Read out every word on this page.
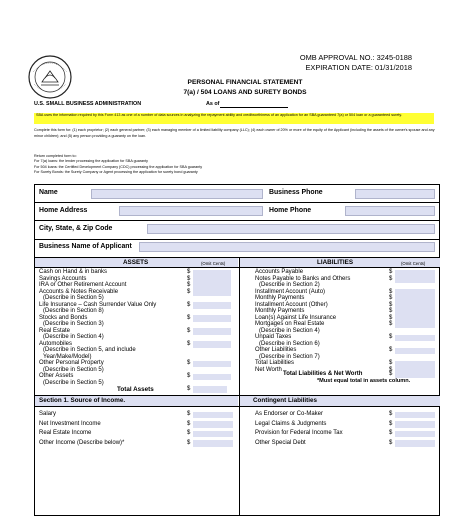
OMB APPROVAL NO.: 3245-0188
EXPIRATION DATE: 01/31/2018
PERSONAL FINANCIAL STATEMENT
7(a) / 504 LOANS AND SURETY BONDS
U.S. SMALL BUSINESS ADMINISTRATION	As of
SBA uses the information required by this Form 413 as one of a number of data sources in analyzing the repayment ability and creditworthiness of an application for an SBA guaranteed 7(a) or 504 loan or a guaranteed surety.
Complete this form for: (1) each proprietor; (2) each general partner; (3) each managing member of a limited liability company (LLC); (4) each owner of 20% or more of the equity of the Applicant (including the assets of the owner's spouse and any minor children); and (5) any person providing a guaranty on the loan.
Return completed form to:
For 7(a) loans: the lender processing the application for SBA guaranty
For 504 loans: the Certified Development Company (CDC) processing the application for SBA guaranty
For Surety Bonds: the Surety Company or Agent processing the application for surety bond guaranty
Name	Business Phone
Home Address	Home Phone
City, State, & Zip Code
Business Name of Applicant
ASSETS	(Omit Cents)	LIABILITIES	(Omit Cents)
Cash on Hand & in banks	$
Savings Accounts	$
IRA or Other Retirement Account	$
Accounts & Notes Receivable	$
(Describe in Section 5)
Life Insurance – Cash Surrender Value Only	$
(Describe in Section 8)
Stocks and Bonds	$
(Describe in Section 3)
Real Estate	$
(Describe in Section 4)
Automobiles	$
(Describe in Section 5, and include
Year/Make/Model)
Other Personal Property	$
(Describe in Section 5)
Other Assets	$
(Describe in Section 5)
Total Assets	$
Accounts Payable	$
Notes Payable to Banks and Others	$
(Describe in Section 2)
Installment Account (Auto)	$
Monthly Payments	$
Installment Account (Other)	$
Monthly Payments	$
Loan(s) Against Life Insurance	$
Mortgages on Real Estate	$
(Describe in Section 4)
Unpaid Taxes	$
(Describe in Section 6)
Other Liabilities	$
(Describe in Section 7)
Total Liabilities	$
Net Worth	$
Total Liabilities & Net Worth	$
*Must equal total in assets column.
Section 1. Source of Income.	Contingent Liabilities
Salary	$
Net Investment Income	$
Real Estate Income	$
Other Income (Describe below)*	$
As Endorser or Co-Maker	$
Legal Claims & Judgments	$
Provision for Federal Income Tax	$
Other Special Debt	$
